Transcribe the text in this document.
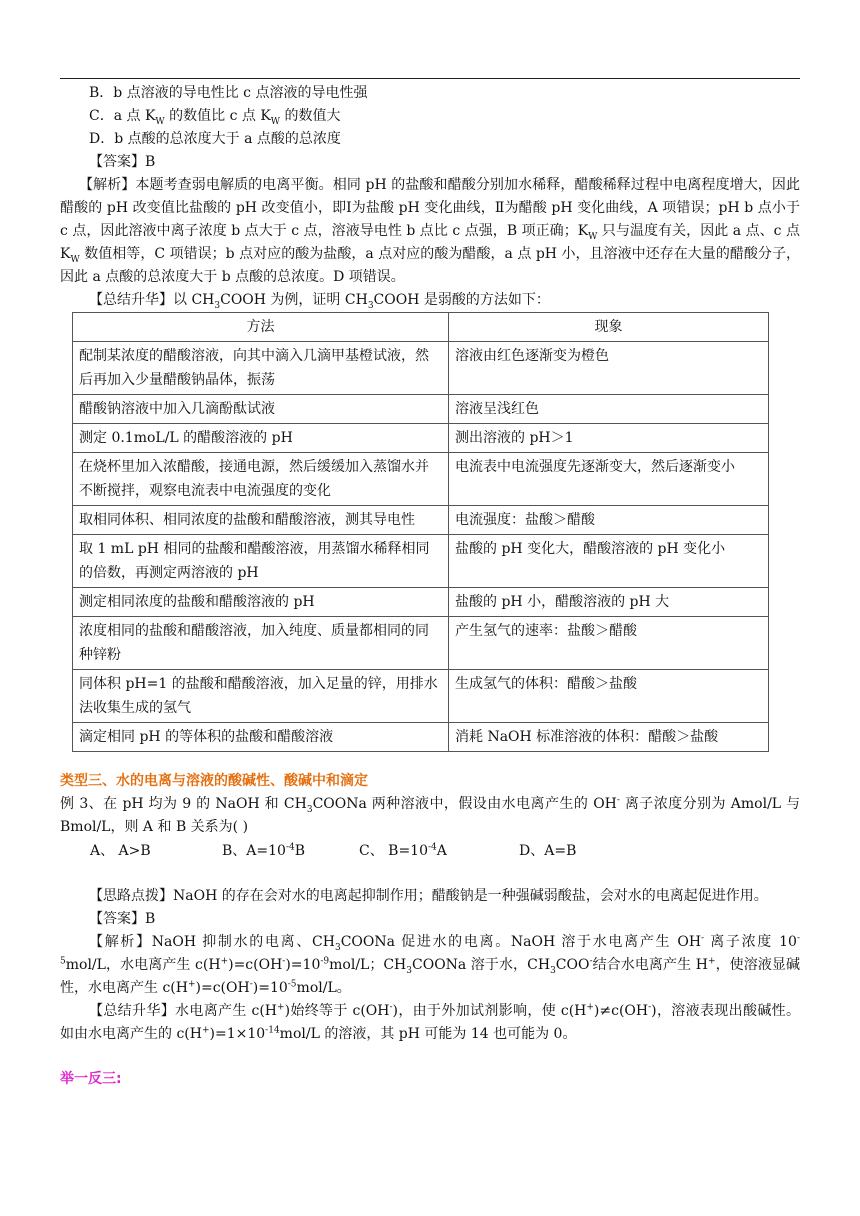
B．b 点溶液的导电性比 c 点溶液的导电性强
C．a 点 $K_W$ 的数值比 c 点 $K_W$ 的数值大
D．b 点酸的总浓度大于 a 点酸的总浓度
【答案】B
【解析】本题考查弱电解质的电离平衡。相同 pH 的盐酸和醋酸分别加水稀释，醋酸稀释过程中电离程度增大，因此醋酸的 pH 改变值比盐酸的 pH 改变值小，即Ⅰ为盐酸 pH 变化曲线，Ⅱ为醋酸 pH 变化曲线，A 项错误；pH b 点小于 c 点，因此溶液中离子浓度 b 点大于 c 点，溶液导电性 b 点比 c 点强，B 项正确；$K_W$ 只与温度有关，因此 a 点、c 点 $K_W$ 数值相等，C 项错误；b 点对应的酸为盐酸，a 点对应的酸为醋酸，a 点 pH 小，且溶液中还存在大量的醋酸分子，因此 a 点酸的总浓度大于 b 点酸的总浓度。D 项错误。
【总结升华】以 $CH_3COOH$ 为例，证明 $CH_3COOH$ 是弱酸的方法如下：
方法	现象
配制某浓度的醋酸溶液，向其中滴入几滴甲基橙试液，然后再加入少量醋酸钠晶体，振荡	溶液由红色逐渐变为橙色
醋酸钠溶液中加入几滴酚酞试液	溶液呈浅红色
测定 0.1moL/L 的醋酸溶液的 pH	测出溶液的 pH＞1
在烧杯里加入浓醋酸，接通电源，然后缓缓加入蒸馏水并不断搅拌，观察电流表中电流强度的变化	电流表中电流强度先逐渐变大，然后逐渐变小
取相同体积、相同浓度的盐酸和醋酸溶液，测其导电性	电流强度：盐酸＞醋酸
取 1 mL pH 相同的盐酸和醋酸溶液，用蒸馏水稀释相同的倍数，再测定两溶液的 pH	盐酸的 pH 变化大，醋酸溶液的 pH 变化小
测定相同浓度的盐酸和醋酸溶液的 pH	盐酸的 pH 小，醋酸溶液的 pH 大
浓度相同的盐酸和醋酸溶液，加入纯度、质量都相同的同种锌粉	产生氢气的速率：盐酸＞醋酸
同体积 pH=1 的盐酸和醋酸溶液，加入足量的锌，用排水法收集生成的氢气	生成氢气的体积：醋酸＞盐酸
滴定相同 pH 的等体积的盐酸和醋酸溶液	消耗 NaOH 标准溶液的体积：醋酸＞盐酸
类型三、水的电离与溶液的酸碱性、酸碱中和滴定
例 3、在 pH 均为 9 的 NaOH 和 $CH_3COONa$ 两种溶液中，假设由水电离产生的 OH- 离子浓度分别为 Amol/L 与 Bmol/L，则 A 和 B 关系为( )
A、 A>B	B、$A=10^{-4}B$	C、 $B=10^{-4}A$	D、A=B
【思路点拨】NaOH 的存在会对水的电离起抑制作用；醋酸钠是一种强碱弱酸盐，会对水的电离起促进作用。
【答案】B
【解析】NaOH 抑制水的电离、$CH_3COONa$ 促进水的电离。NaOH 溶于水电离产生 OH- 离子浓度 $10^{-5}mol/L$，水电离产生 $c(H^+)=c(OH^-)=10^{-9}mol/L$；$CH_3COONa$ 溶于水，$CH_3COO^-$结合水电离产生 H+，使溶液显碱性，水电离产生 $c(H^+)=c(OH^-)=10^{-5}mol/L$。
【总结升华】水电离产生 c(H+)始终等于 c(OH-)，由于外加试剂影响，使 c(H+)≠c(OH-)，溶液表现出酸碱性。如由水电离产生的 $c(H^+)=1\times 10^{-14}mol/L$ 的溶液，其 pH 可能为 14 也可能为 0。
举一反三:
